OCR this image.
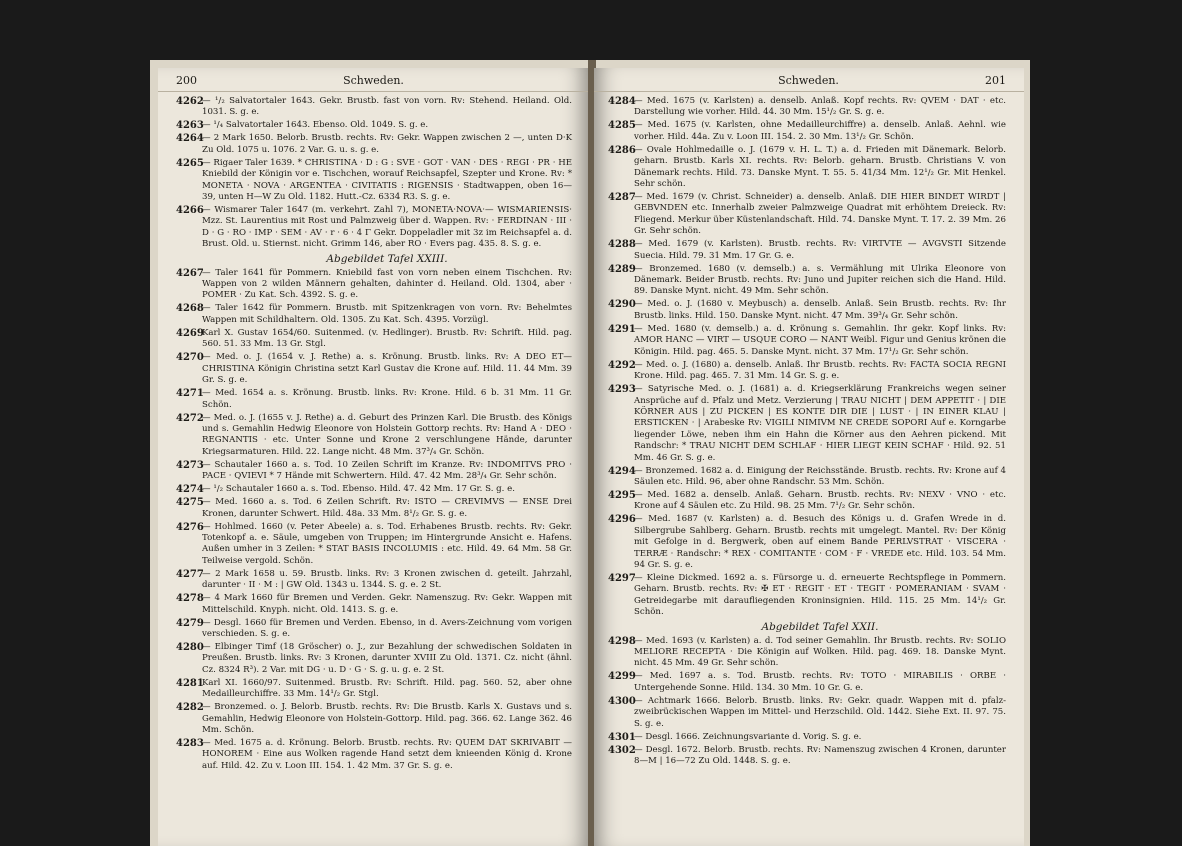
200	Schweden.
4262
— ¹/₂ Salvatortaler 1643. Gekr. Brustb. fast von vorn. Rv: Stehend. Heiland. Old. 1031. S. g. e.
4263
— ¹/₄ Salvatortaler 1643. Ebenso. Old. 1049. S. g. e.
4264
— 2 Mark 1650. Belorb. Brustb. rechts. Rv: Gekr. Wappen zwischen 2 —, unten D·K Zu Old. 1075 u. 1076. 2 Var. G. u. s. g. e.
4265
— Rigaer Taler 1639. * CHRISTINA · D : G : SVE · GOT · VAN · DES · REGI · PR · HE Kniebild der Königin vor e. Tischchen, worauf Reichsapfel, Szepter und Krone. Rv: * MONETA · NOVA · ARGENTEA · CIVITATIS : RIGENSIS · Stadtwappen, oben 16—39, unten H—W Zu Old. 1182. Hutt.-Cz. 6334 R3. S. g. e.
4266
— Wismarer Taler 1647 (m. verkehrt. Zahl 7), MONETA·NOVA·— WISMARIENSIS· Mzz. St. Laurentius mit Rost und Palmzweig über d. Wappen. Rv: · FERDINAN · III · D · G · RO · IMP · SEM · AV · r · 6 · 4 Γ Gekr. Doppeladler mit 3z im Reichsapfel a. d. Brust. Old. u. Stiernst. nicht. Grimm 146, aber RO · Evers pag. 435. 8. S. g. e.
Abgebildet Tafel XXIII.
4267
— Taler 1641 für Pommern. Kniebild fast von vorn neben einem Tischchen. Rv: Wappen von 2 wilden Männern gehalten, dahinter d. Heiland. Old. 1304, aber · POMER · Zu Kat. Sch. 4392. S. g. e.
4268
— Taler 1642 für Pommern. Brustb. mit Spitzenkragen von vorn. Rv: Behelmtes Wappen mit Schildhaltern. Old. 1305. Zu Kat. Sch. 4395. Vorzügl.
4269
Karl X. Gustav 1654/60. Suitenmed. (v. Hedlinger). Brustb. Rv: Schrift. Hild. pag. 560. 51. 33 Mm. 13 Gr. Stgl.
4270
— Med. o. J. (1654 v. J. Rethe) a. s. Krönung. Brustb. links. Rv: A DEO ET— CHRISTINA Königin Christina setzt Karl Gustav die Krone auf. Hild. 11. 44 Mm. 39 Gr. S. g. e.
4271
— Med. 1654 a. s. Krönung. Brustb. links. Rv: Krone. Hild. 6 b. 31 Mm. 11 Gr. Schön.
4272
— Med. o. J. (1655 v. J. Rethe) a. d. Geburt des Prinzen Karl. Die Brustb. des Königs und s. Gemahlin Hedwig Eleonore von Holstein Gottorp rechts. Rv: Hand A · DEO · REGNANTIS · etc. Unter Sonne und Krone 2 verschlungene Hände, darunter Kriegsarmaturen. Hild. 22. Lange nicht. 48 Mm. 37³/₄ Gr. Schön.
4273
— Schautaler 1660 a. s. Tod. 10 Zeilen Schrift im Kranze. Rv: INDOMITVS PRO · PACE · QVIEVI * 7 Hände mit Schwertern. Hild. 47. 42 Mm. 28³/₄ Gr. Sehr schön.
4274
— ¹/₂ Schautaler 1660 a. s. Tod. Ebenso. Hild. 47. 42 Mm. 17 Gr. S. g. e.
4275
— Med. 1660 a. s. Tod. 6 Zeilen Schrift. Rv: ISTO — CREVIMVS — ENSE Drei Kronen, darunter Schwert. Hild. 48a. 33 Mm. 8¹/₂ Gr. S. g. e.
4276
— Hohlmed. 1660 (v. Peter Abeele) a. s. Tod. Erhabenes Brustb. rechts. Rv: Gekr. Totenkopf a. e. Säule, umgeben von Truppen; im Hintergrunde Ansicht e. Hafens. Außen umher in 3 Zeilen: * STAT BASIS INCOLUMIS : etc. Hild. 49. 64 Mm. 58 Gr. Teilweise vergold. Schön.
4277
— 2 Mark 1658 u. 59. Brustb. links. Rv: 3 Kronen zwischen d. geteilt. Jahrzahl, darunter · II · M : | GW Old. 1343 u. 1344. S. g. e. 2 St.
4278
— 4 Mark 1660 für Bremen und Verden. Gekr. Namenszug. Rv: Gekr. Wappen mit Mittelschild. Knyph. nicht. Old. 1413. S. g. e.
4279
— Desgl. 1660 für Bremen und Verden. Ebenso, in d. Avers-Zeichnung vom vorigen verschieden. S. g. e.
4280
— Elbinger Timf (18 Gröscher) o. J., zur Bezahlung der schwedischen Soldaten in Preußen. Brustb. links. Rv: 3 Kronen, darunter XVIII Zu Old. 1371. Cz. nicht (ähnl. Cz. 8324 R³). 2 Var. mit DG · u. D · G · S. g. u. g. e. 2 St.
4281
Karl XI. 1660/97. Suitenmed. Brustb. Rv: Schrift. Hild. pag. 560. 52, aber ohne Medailleurchiffre. 33 Mm. 14¹/₂ Gr. Stgl.
4282
— Bronzemed. o. J. Belorb. Brustb. rechts. Rv: Die Brustb. Karls X. Gustavs und s. Gemahlin, Hedwig Eleonore von Holstein-Gottorp. Hild. pag. 366. 62. Lange 362. 46 Mm. Schön.
4283
— Med. 1675 a. d. Krönung. Belorb. Brustb. rechts. Rv: QUEM DAT SKRIVABIT — HONOREM · Eine aus Wolken ragende Hand setzt dem knieenden König d. Krone auf. Hild. 42. Zu v. Loon III. 154. 1. 42 Mm. 37 Gr. S. g. e.
Schweden.	201
4284
— Med. 1675 (v. Karlsten) a. denselb. Anlaß. Kopf rechts. Rv: QVEM · DAT · etc. Darstellung wie vorher. Hild. 44. 30 Mm. 15¹/₂ Gr. S. g. e.
4285
— Med. 1675 (v. Karlsten, ohne Medailleurchiffre) a. denselb. Anlaß. Aehnl. wie vorher. Hild. 44a. Zu v. Loon III. 154. 2. 30 Mm. 13¹/₂ Gr. Schön.
4286
— Ovale Hohlmedaille o. J. (1679 v. H. L. T.) a. d. Frieden mit Dänemark. Belorb. geharn. Brustb. Karls XI. rechts. Rv: Belorb. geharn. Brustb. Christians V. von Dänemark rechts. Hild. 73. Danske Mynt. T. 55. 5. 41/34 Mm. 12¹/₂ Gr. Mit Henkel. Sehr schön.
4287
— Med. 1679 (v. Christ. Schneider) a. denselb. Anlaß. DIE HIER BINDET WIRDT | GEBVNDEN etc. Innerhalb zweier Palmzweige Quadrat mit erhöhtem Dreieck. Rv: Fliegend. Merkur über Küstenlandschaft. Hild. 74. Danske Mynt. T. 17. 2. 39 Mm. 26 Gr. Sehr schön.
4288
— Med. 1679 (v. Karlsten). Brustb. rechts. Rv: VIRTVTE — AVGVSTI Sitzende Suecia. Hild. 79. 31 Mm. 17 Gr. G. e.
4289
— Bronzemed. 1680 (v. demselb.) a. s. Vermählung mit Ulrika Eleonore von Dänemark. Beider Brustb. rechts. Rv: Juno und Jupiter reichen sich die Hand. Hild. 89. Danske Mynt. nicht. 49 Mm. Sehr schön.
4290
— Med. o. J. (1680 v. Meybusch) a. denselb. Anlaß. Sein Brustb. rechts. Rv: Ihr Brustb. links. Hild. 150. Danske Mynt. nicht. 47 Mm. 39³/₄ Gr. Sehr schön.
4291
— Med. 1680 (v. demselb.) a. d. Krönung s. Gemahlin. Ihr gekr. Kopf links. Rv: AMOR HANC — VIRT — USQUE CORO — NANT Weibl. Figur und Genius krönen die Königin. Hild. pag. 465. 5. Danske Mynt. nicht. 37 Mm. 17¹/₂ Gr. Sehr schön.
4292
— Med. o. J. (1680) a. denselb. Anlaß. Ihr Brustb. rechts. Rv: FACTA SOCIA REGNI Krone. Hild. pag. 465. 7. 31 Mm. 14 Gr. S. g. e.
4293
— Satyrische Med. o. J. (1681) a. d. Kriegserklärung Frankreichs wegen seiner Ansprüche auf d. Pfalz und Metz. Verzierung | TRAU NICHT | DEM APPETIT · | DIE KÖRNER AUS | ZU PICKEN | ES KONTE DIR DIE | LUST · | IN EINER KLAU | ERSTICKEN · | Arabeske Rv: VIGILI NIMIVM NE CREDE SOPORI Auf e. Korngarbe liegender Löwe, neben ihm ein Hahn die Körner aus den Aehren pickend. Mit Randschr: * TRAU NICHT DEM SCHLAF · HIER LIEGT KEIN SCHAF · Hild. 92. 51 Mm. 46 Gr. S. g. e.
4294
— Bronzemed. 1682 a. d. Einigung der Reichsstände. Brustb. rechts. Rv: Krone auf 4 Säulen etc. Hild. 96, aber ohne Randschr. 53 Mm. Schön.
4295
— Med. 1682 a. denselb. Anlaß. Geharn. Brustb. rechts. Rv: NEXV · VNO · etc. Krone auf 4 Säulen etc. Zu Hild. 98. 25 Mm. 7¹/₂ Gr. Sehr schön.
4296
— Med. 1687 (v. Karlsten) a. d. Besuch des Königs u. d. Grafen Wrede in d. Silbergrube Sahlberg. Geharn. Brustb. rechts mit umgelegt. Mantel. Rv: Der König mit Gefolge in d. Bergwerk, oben auf einem Bande PERLVSTRAT · VISCERA · TERRÆ · Randschr: * REX · COMITANTE · COM · F · VREDE etc. Hild. 103. 54 Mm. 94 Gr. S. g. e.
4297
— Kleine Dickmed. 1692 a. s. Fürsorge u. d. erneuerte Rechtspflege in Pommern. Geharn. Brustb. rechts. Rv: ✠ ET · REGIT · ET · TEGIT · POMERANIAM · SVAM · Getreidegarbe mit daraufliegenden Kroninsignien. Hild. 115. 25 Mm. 14¹/₂ Gr. Schön.
Abgebildet Tafel XXII.
4298
— Med. 1693 (v. Karlsten) a. d. Tod seiner Gemahlin. Ihr Brustb. rechts. Rv: SOLIO MELIORE RECEPTA · Die Königin auf Wolken. Hild. pag. 469. 18. Danske Mynt. nicht. 45 Mm. 49 Gr. Sehr schön.
4299
— Med. 1697 a. s. Tod. Brustb. rechts. Rv: TOTO · MIRABILIS · ORBE · Untergehende Sonne. Hild. 134. 30 Mm. 10 Gr. G. e.
4300
— Achtmark 1666. Belorb. Brustb. links. Rv: Gekr. quadr. Wappen mit d. pfalz-zweibrückischen Wappen im Mittel- und Herzschild. Old. 1442. Siehe Ext. II. 97. 75. S. g. e.
4301
— Desgl. 1666. Zeichnungsvariante d. Vorig. S. g. e.
4302
— Desgl. 1672. Belorb. Brustb. rechts. Rv: Namenszug zwischen 4 Kronen, darunter 8—M | 16—72 Zu Old. 1448. S. g. e.
